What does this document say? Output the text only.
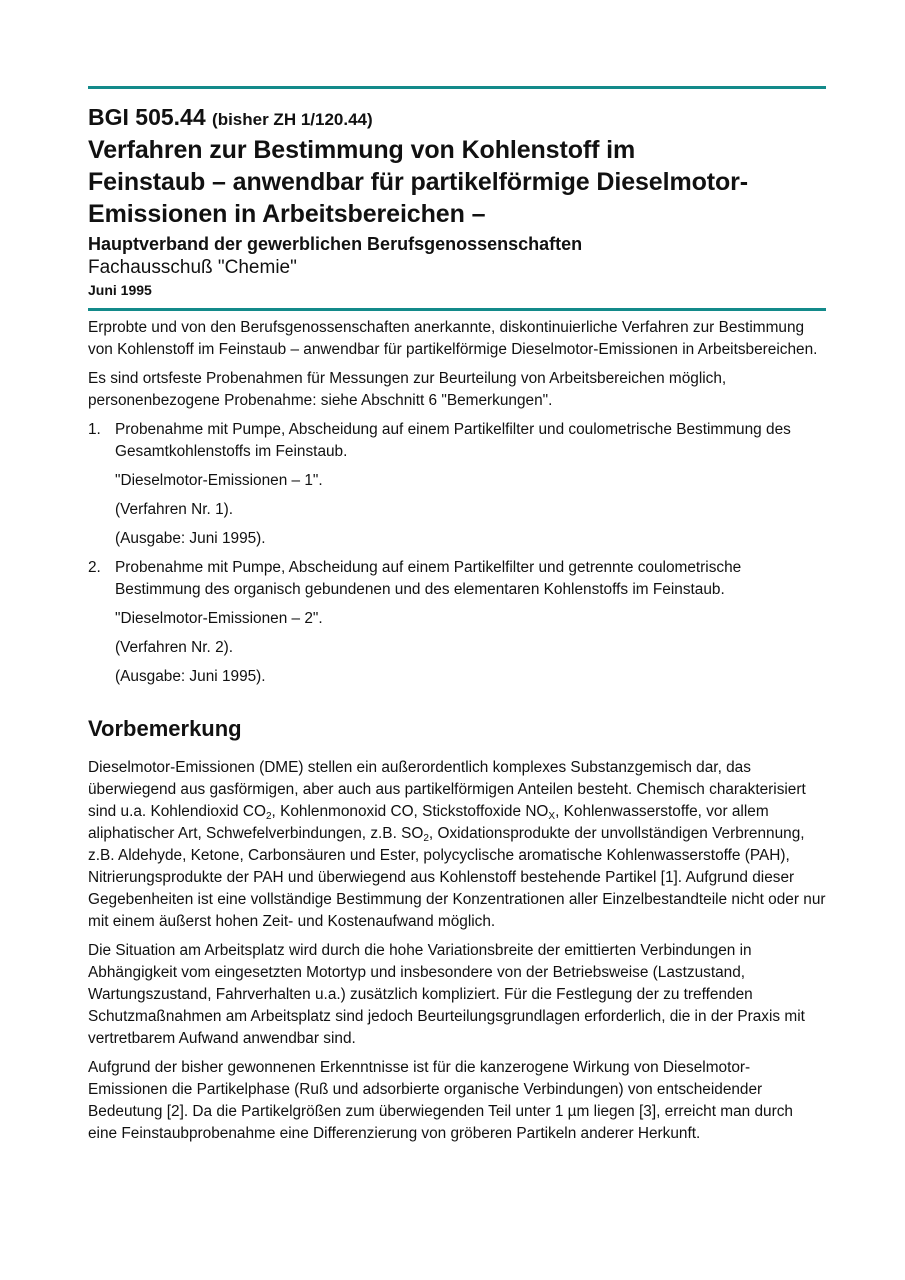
BGI 505.44 (bisher ZH 1/120.44)
Verfahren zur Bestimmung von Kohlenstoff im
Feinstaub – anwendbar für partikelförmige Dieselmotor-
Emissionen in Arbeitsbereichen –
Hauptverband der gewerblichen Berufsgenossenschaften
Fachausschuß "Chemie"
Juni 1995

Erprobte und von den Berufsgenossenschaften anerkannte, diskontinuierliche Verfahren zur Bestimmung von Kohlenstoff im Feinstaub – anwendbar für partikelförmige Dieselmotor-Emissionen in Arbeitsbereichen.

Es sind ortsfeste Probenahmen für Messungen zur Beurteilung von Arbeitsbereichen möglich, personenbezogene Probenahme: siehe Abschnitt 6 "Bemerkungen".

1. Probenahme mit Pumpe, Abscheidung auf einem Partikelfilter und coulometrische Bestimmung des Gesamtkohlenstoffs im Feinstaub.
"Dieselmotor-Emissionen – 1".
(Verfahren Nr. 1).
(Ausgabe: Juni 1995).
2. Probenahme mit Pumpe, Abscheidung auf einem Partikelfilter und getrennte coulometrische Bestimmung des organisch gebundenen und des elementaren Kohlenstoffs im Feinstaub.
"Dieselmotor-Emissionen – 2".
(Verfahren Nr. 2).
(Ausgabe: Juni 1995).
Vorbemerkung

Dieselmotor-Emissionen (DME) stellen ein außerordentlich komplexes Substanzgemisch dar, das überwiegend aus gasförmigen, aber auch aus partikelförmigen Anteilen besteht. Chemisch charakterisiert sind u.a. Kohlendioxid $CO_2$, Kohlenmonoxid CO, Stickstoffoxide $NO_X$, Kohlenwasserstoffe, vor allem aliphatischer Art, Schwefelverbindungen, z.B. $SO_2$, Oxidationsprodukte der unvollständigen Verbrennung, z.B. Aldehyde, Ketone, Carbonsäuren und Ester, polycyclische aromatische Kohlenwasserstoffe (PAH), Nitrierungsprodukte der PAH und überwiegend aus Kohlenstoff bestehende Partikel [1]. Aufgrund dieser Gegebenheiten ist eine vollständige Bestimmung der Konzentrationen aller Einzelbestandteile nicht oder nur mit einem äußerst hohen Zeit- und Kostenaufwand möglich.

Die Situation am Arbeitsplatz wird durch die hohe Variationsbreite der emittierten Verbindungen in Abhängigkeit vom eingesetzten Motortyp und insbesondere von der Betriebsweise (Lastzustand, Wartungszustand, Fahrverhalten u.a.) zusätzlich kompliziert. Für die Festlegung der zu treffenden Schutzmaßnahmen am Arbeitsplatz sind jedoch Beurteilungsgrundlagen erforderlich, die in der Praxis mit vertretbarem Aufwand anwendbar sind.

Aufgrund der bisher gewonnenen Erkenntnisse ist für die kanzerogene Wirkung von Dieselmotor-Emissionen die Partikelphase (Ruß und adsorbierte organische Verbindungen) von entscheidender Bedeutung [2]. Da die Partikelgrößen zum überwiegenden Teil unter 1 µm liegen [3], erreicht man durch eine Feinstaubprobenahme eine Differenzierung von gröberen Partikeln anderer Herkunft.
